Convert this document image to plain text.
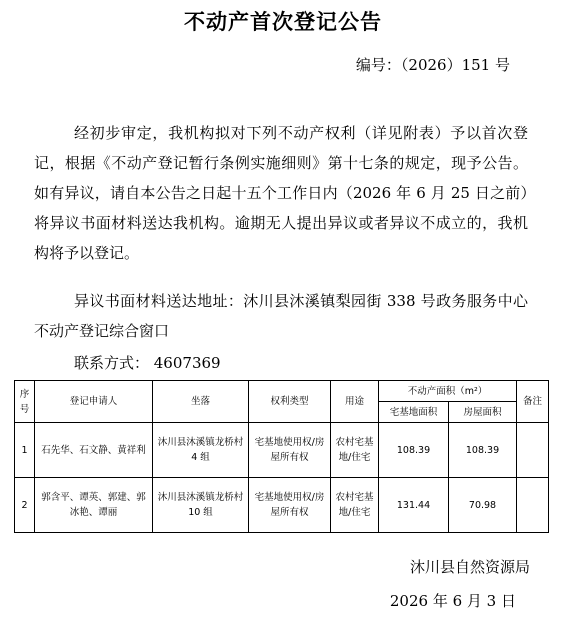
不动产首次登记公告
编号：（2026）151 号
经初步审定，我机构拟对下列不动产权利（详见附表）予以首次登记，根据《不动产登记暂行条例实施细则》第十七条的规定，现予公告。如有异议，请自本公告之日起十五个工作日内（2026 年 6 月 25 日之前）将异议书面材料送达我机构。逾期无人提出异议或者异议不成立的，我机构将予以登记。
异议书面材料送达地址：沐川县沐溪镇梨园街 338 号政务服务中心不动产登记综合窗口
联系方式： 4607369
序号	登记申请人	坐落	权利类型	用途	不动产面积（m²）		备注
					宅基地面积	房屋面积	
1	石先华、石文静、黄祥利	沐川县沐溪镇龙桥村 4 组	宅基地使用权/房屋所有权	农村宅基地/住宅	108.39	108.39	
2	郭含平、谭英、郭建、郭冰艳、谭丽	沐川县沐溪镇龙桥村 10 组	宅基地使用权/房屋所有权	农村宅基地/住宅	131.44	70.98	
沐川县自然资源局
2026 年 6 月 3 日
